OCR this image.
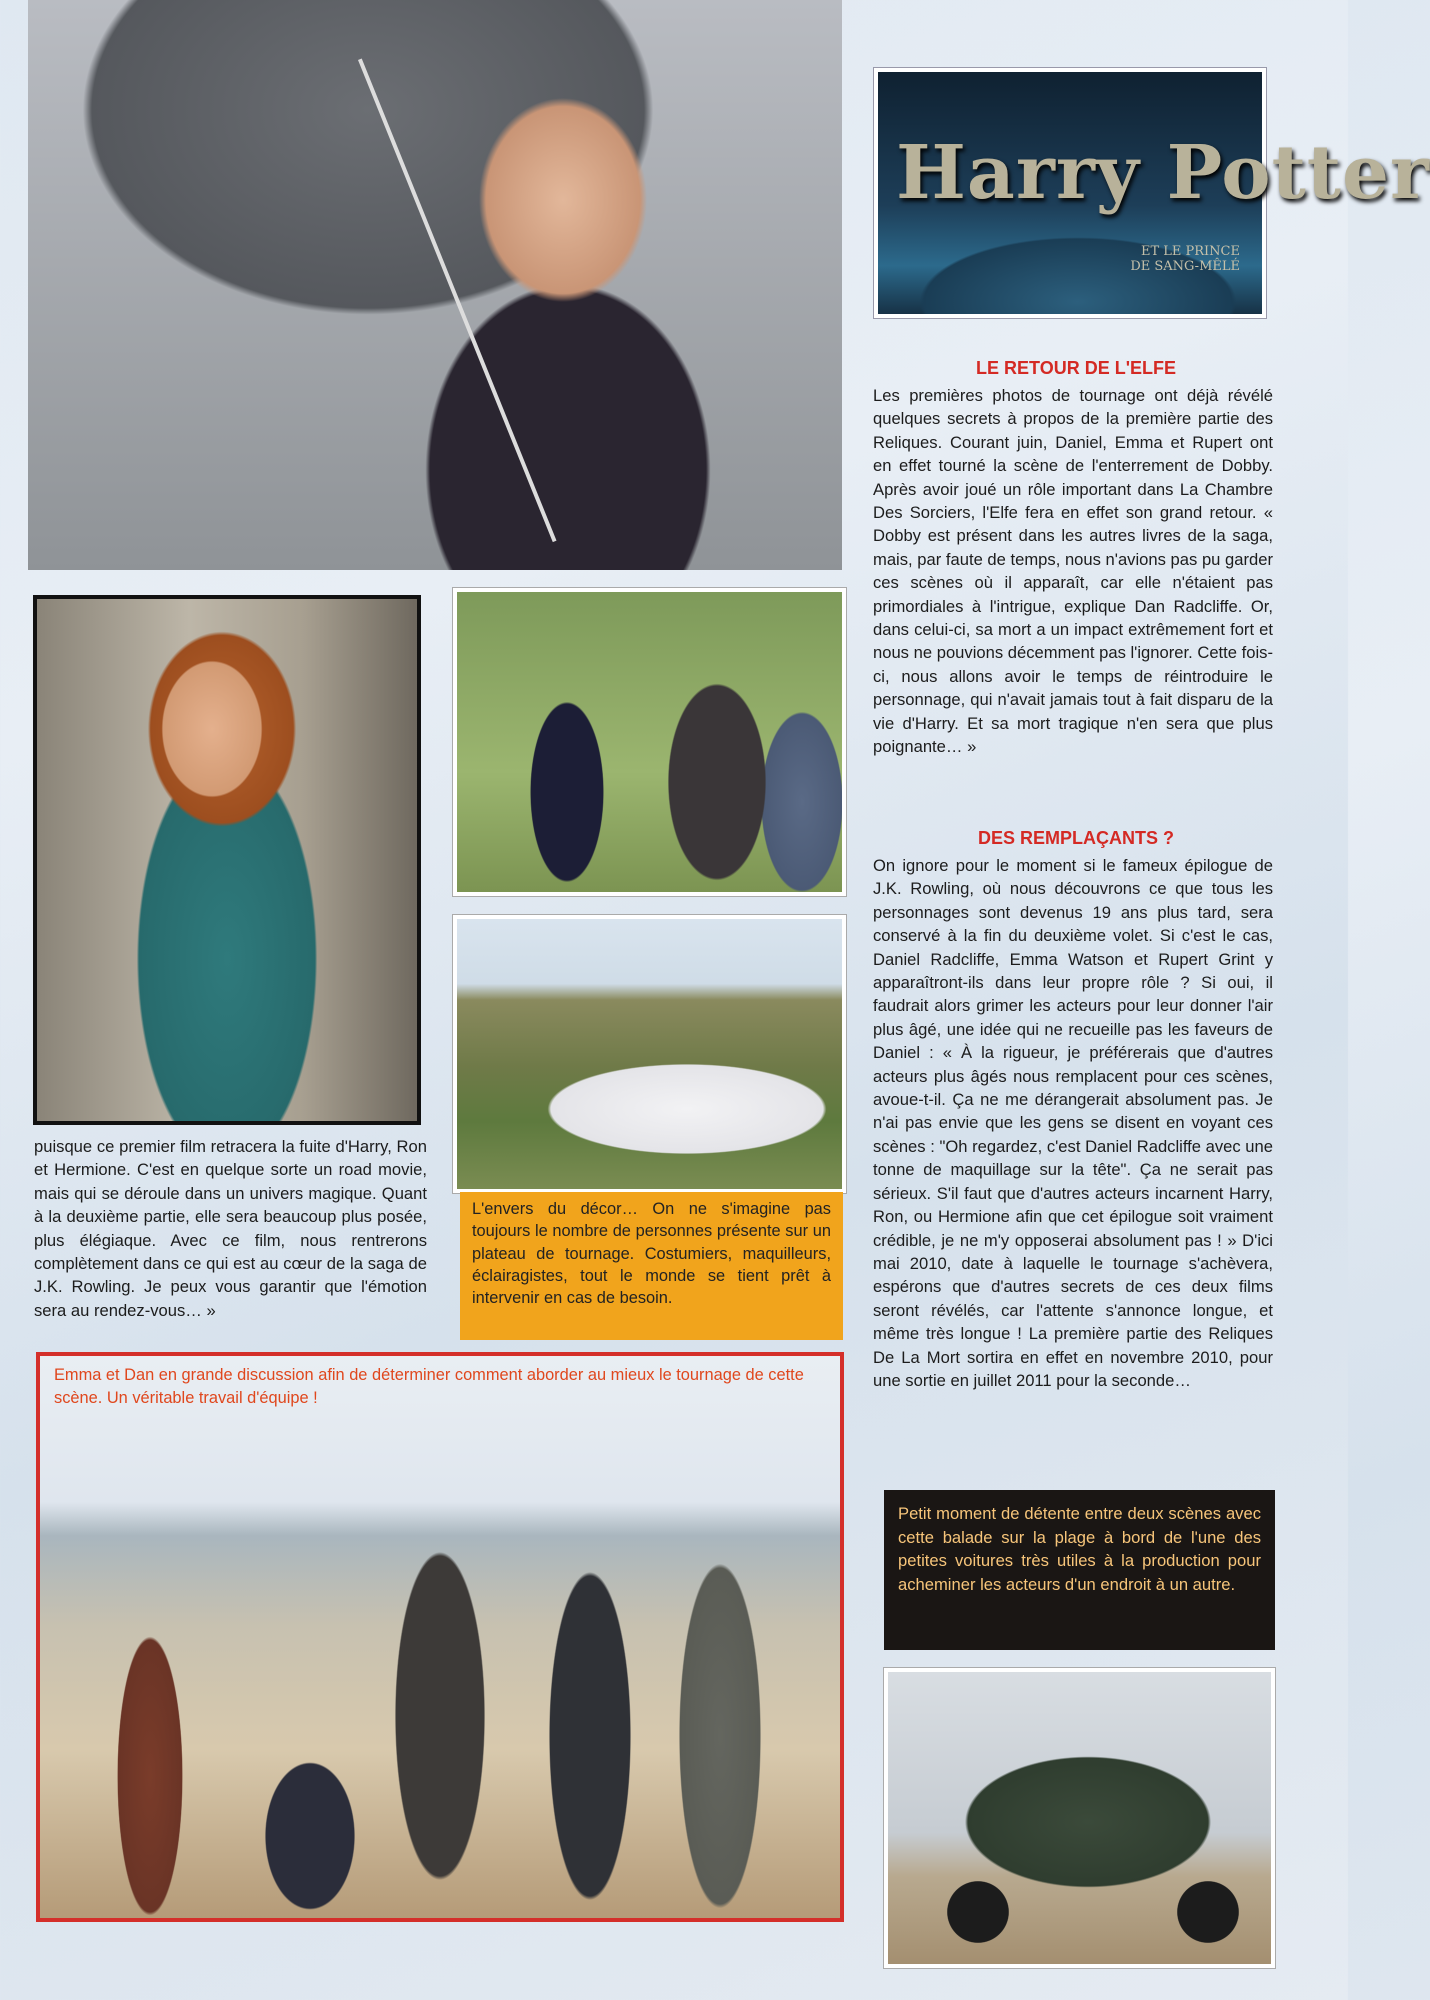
Harry Potter
ET LE PRINCE
DE SANG-MÊLÉ
LE RETOUR DE L'ELFE

Les premières photos de tournage ont déjà révélé quelques secrets à propos de la première partie des Reliques. Courant juin, Daniel, Emma et Rupert ont en effet tourné la scène de l'enterrement de Dobby. Après avoir joué un rôle important dans La Chambre Des Sorciers, l'Elfe fera en effet son grand retour. « Dobby est présent dans les autres livres de la saga, mais, par faute de temps, nous n'avions pas pu garder ces scènes où il apparaît, car elle n'étaient pas primordiales à l'intrigue, explique Dan Radcliffe. Or, dans celui-ci, sa mort a un impact extrêmement fort et nous ne pouvions décemment pas l'ignorer. Cette fois-ci, nous allons avoir le temps de réintroduire le personnage, qui n'avait jamais tout à fait disparu de la vie d'Harry. Et sa mort tragique n'en sera que plus poignante… »

DES REMPLAÇANTS ?

On ignore pour le moment si le fameux épilogue de J.K. Rowling, où nous découvrons ce que tous les personnages sont devenus 19 ans plus tard, sera conservé à la fin du deuxième volet. Si c'est le cas, Daniel Radcliffe, Emma Watson et Rupert Grint y apparaîtront-ils dans leur propre rôle ? Si oui, il faudrait alors grimer les acteurs pour leur donner l'air plus âgé, une idée qui ne recueille pas les faveurs de Daniel : « À la rigueur, je préférerais que d'autres acteurs plus âgés nous remplacent pour ces scènes, avoue-t-il. Ça ne me dérangerait absolument pas. Je n'ai pas envie que les gens se disent en voyant ces scènes : "Oh regardez, c'est Daniel Radcliffe avec une tonne de maquillage sur la tête". Ça ne serait pas sérieux. S'il faut que d'autres acteurs incarnent Harry, Ron, ou Hermione afin que cet épilogue soit vraiment crédible, je ne m'y opposerai absolument pas ! » D'ici mai 2010, date à laquelle le tournage s'achèvera, espérons que d'autres secrets de ces deux films seront révélés, car l'attente s'annonce longue, et même très longue ! La première partie des Reliques De La Mort sortira en effet en novembre 2010, pour une sortie en juillet 2011 pour la seconde…

puisque ce premier film retracera la fuite d'Harry, Ron et Hermione. C'est en quelque sorte un road movie, mais qui se déroule dans un univers magique. Quant à la deuxième partie, elle sera beaucoup plus posée, plus élégiaque. Avec ce film, nous rentrerons complètement dans ce qui est au cœur de la saga de J.K. Rowling. Je peux vous garantir que l'émotion sera au rendez-vous… »

L'envers du décor… On ne s'imagine pas toujours le nombre de personnes présente sur un plateau de tournage. Costumiers, maquilleurs, éclairagistes, tout le monde se tient prêt à intervenir en cas de besoin.
Emma et Dan en grande discussion afin de déterminer comment aborder au mieux le tournage de cette scène. Un véritable travail d'équipe !
Petit moment de détente entre deux scènes avec cette balade sur la plage à bord de l'une des petites voitures très utiles à la production pour acheminer les acteurs d'un endroit à un autre.
